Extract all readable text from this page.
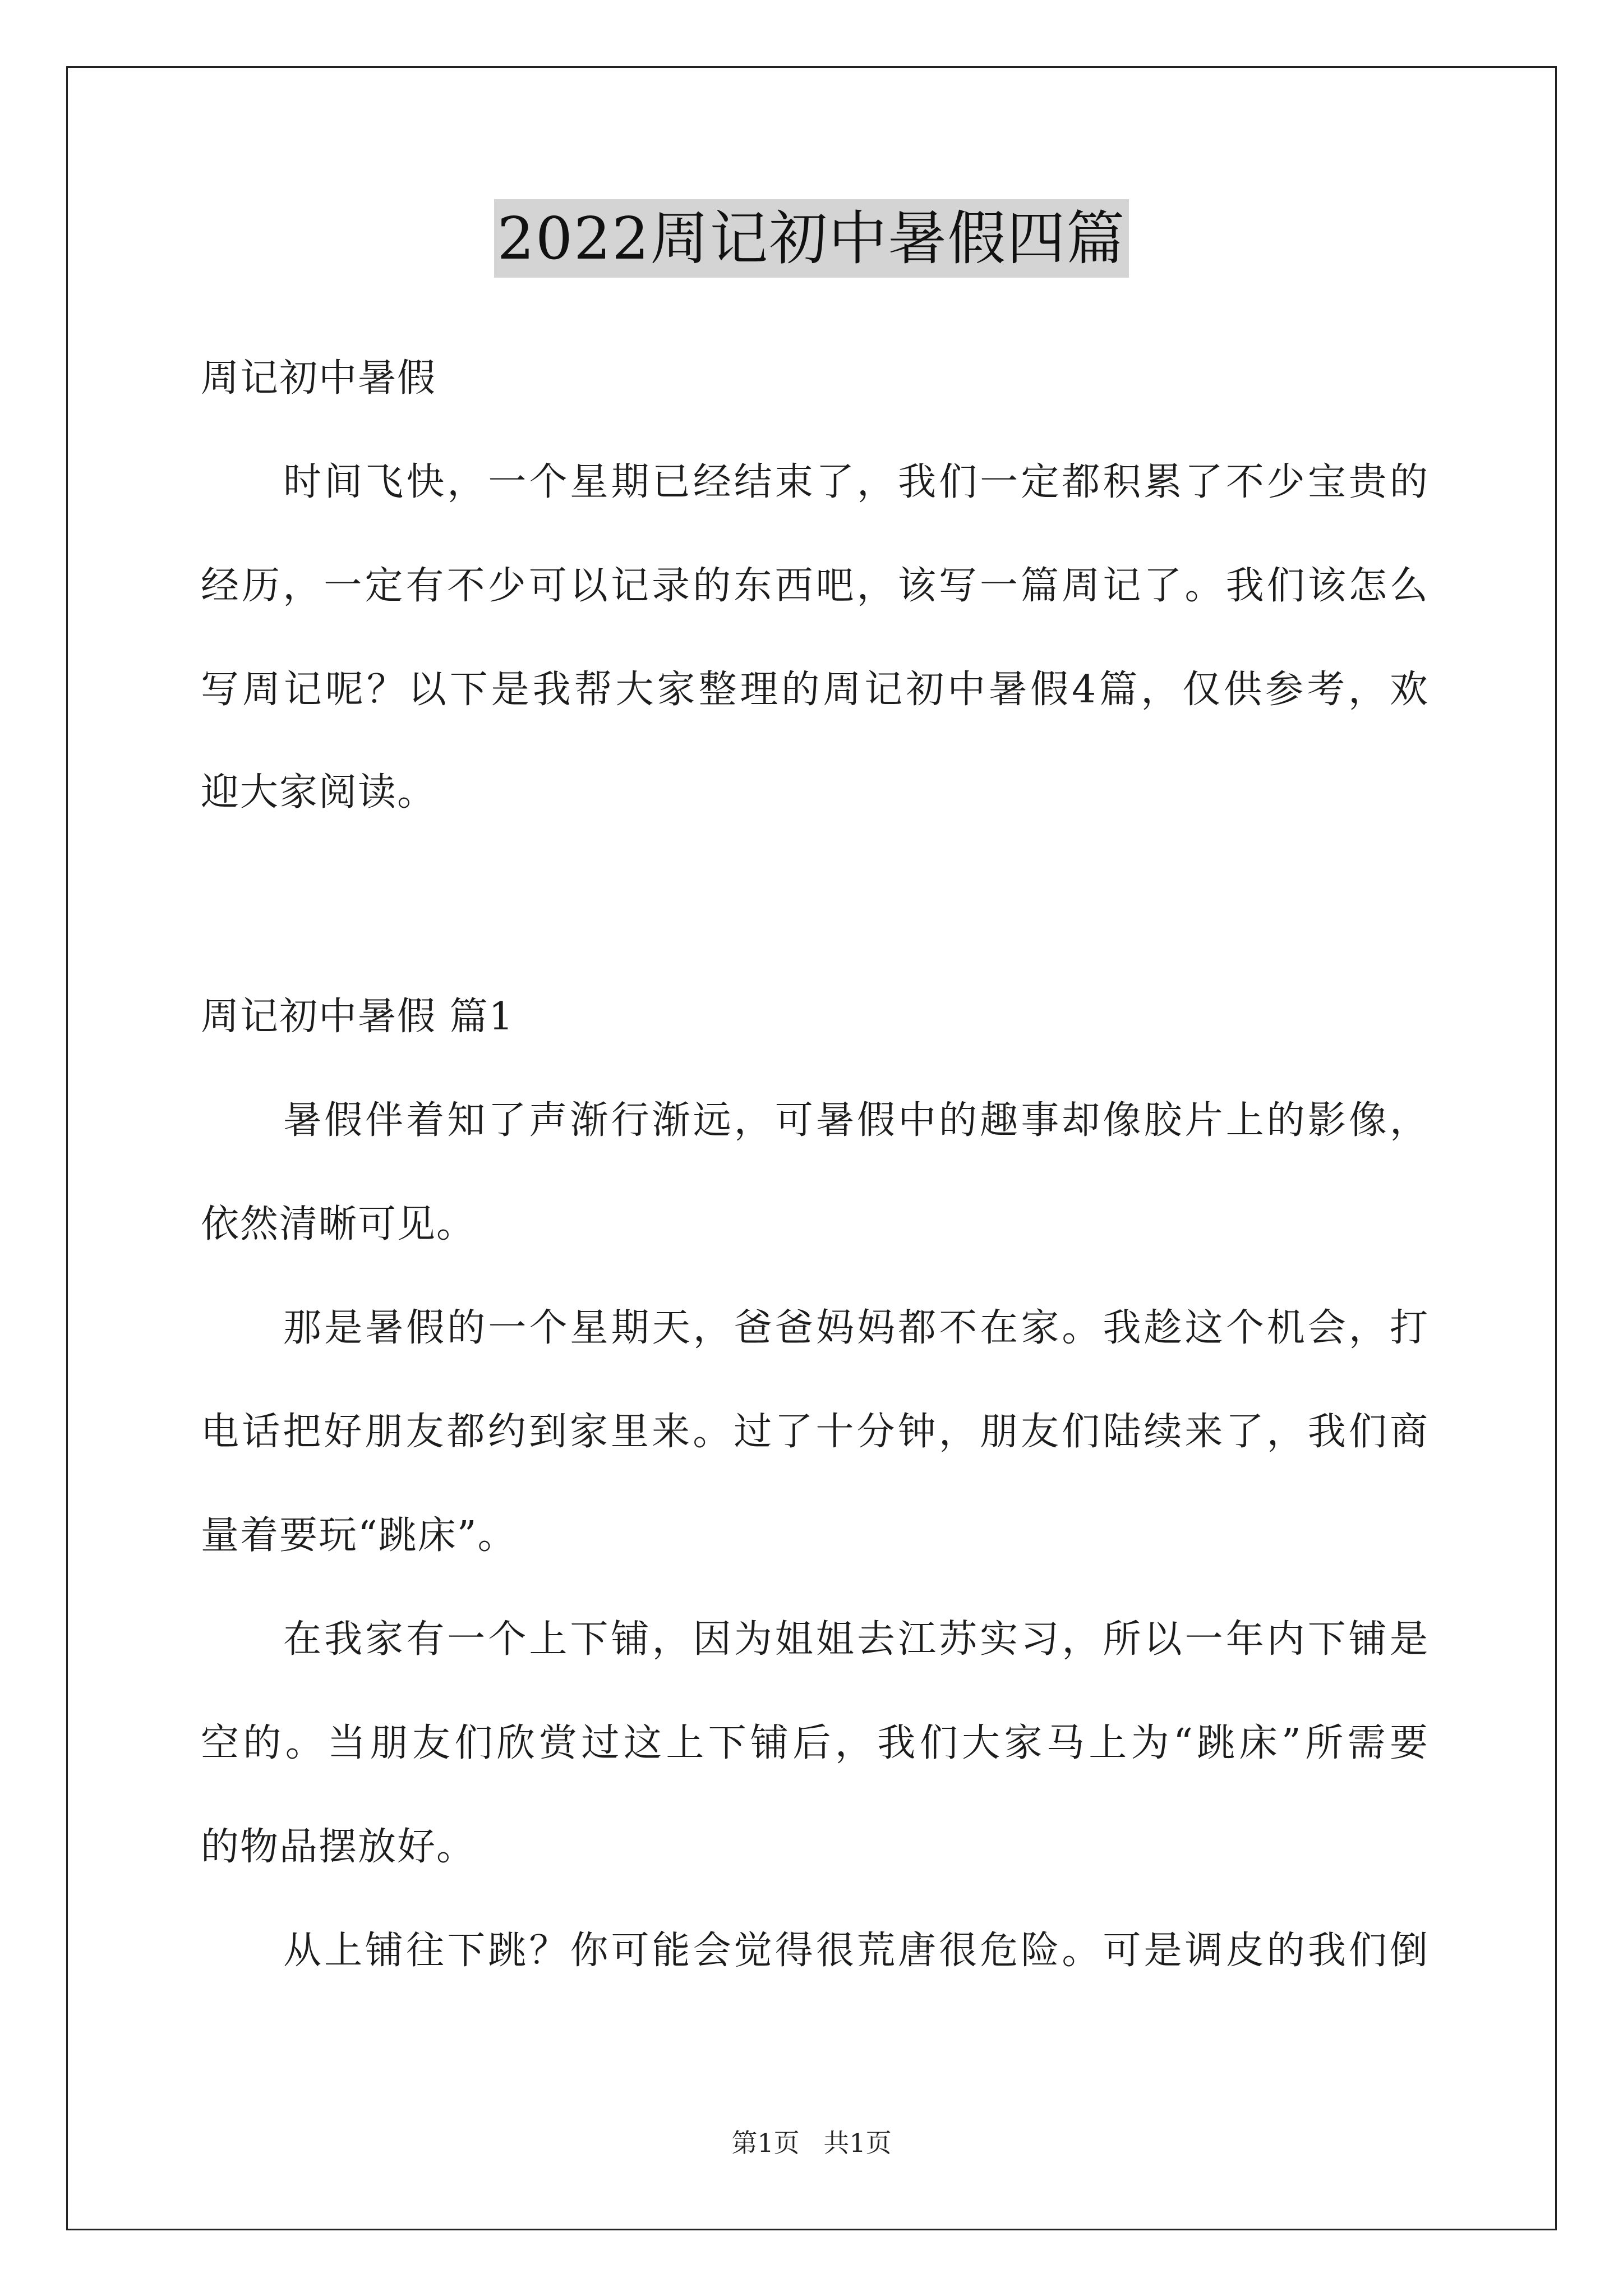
2022周记初中暑假四篇
周记初中暑假
时间飞快，一个星期已经结束了，我们一定都积累了不少宝贵的
经历，一定有不少可以记录的东西吧，该写一篇周记了。我们该怎么
写周记呢？以下是我帮大家整理的周记初中暑假4篇，仅供参考，欢
迎大家阅读。
周记初中暑假 篇1
暑假伴着知了声渐行渐远，可暑假中的趣事却像胶片上的影像，
依然清晰可见。
那是暑假的一个星期天，爸爸妈妈都不在家。我趁这个机会，打
电话把好朋友都约到家里来。过了十分钟，朋友们陆续来了，我们商
量着要玩“跳床”。
在我家有一个上下铺，因为姐姐去江苏实习，所以一年内下铺是
空的。当朋友们欣赏过这上下铺后，我们大家马上为“跳床”所需要
的物品摆放好。
从上铺往下跳？你可能会觉得很荒唐很危险。可是调皮的我们倒
第1页 共1页
